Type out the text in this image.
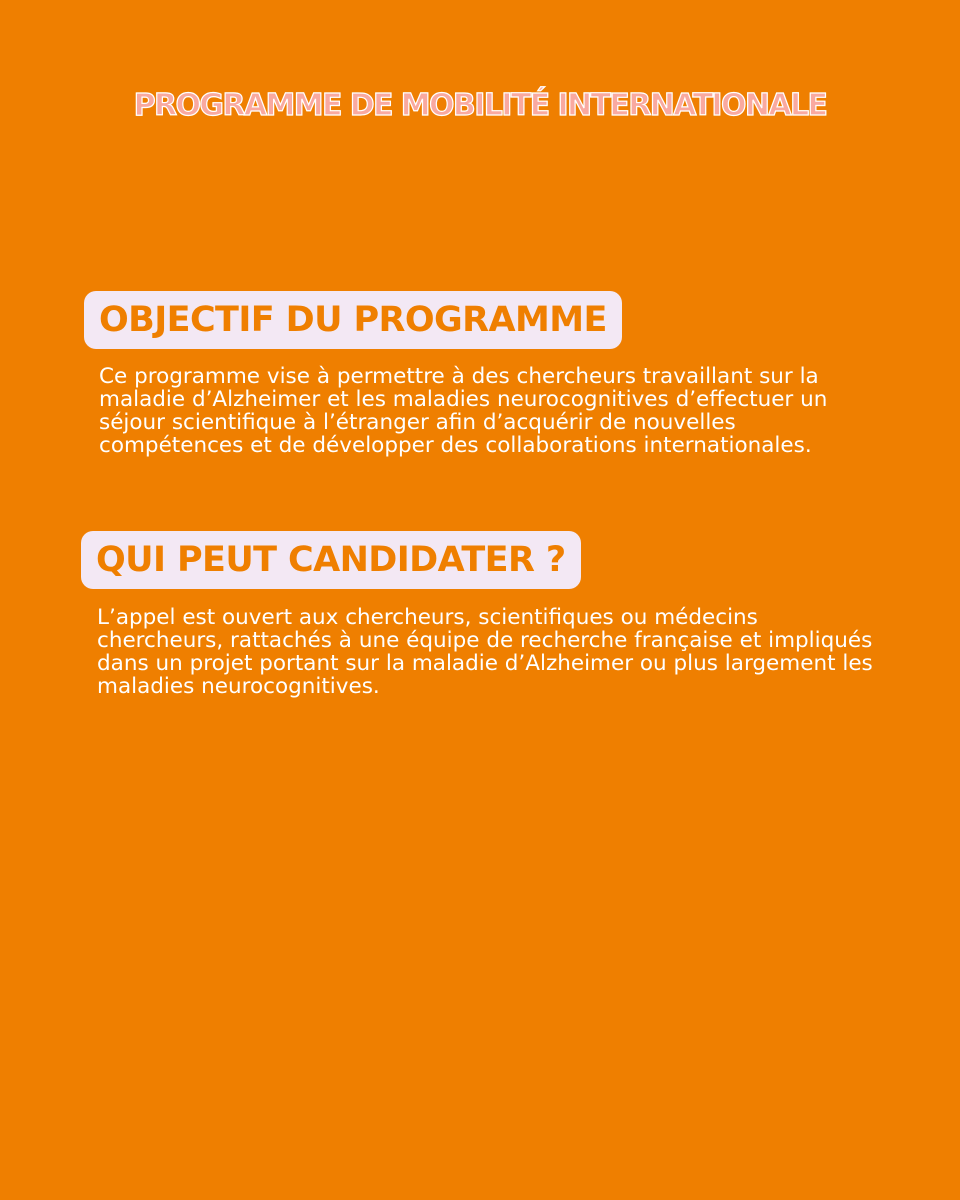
PROGRAMME DE MOBILITÉ INTERNATIONALE
OBJECTIF DU PROGRAMME

Ce programme vise à permettre à des chercheurs travaillant sur la maladie d’Alzheimer et les maladies neurocognitives d’effectuer un séjour scientifique à l’étranger afin d’acquérir de nouvelles compétences et de développer des collaborations internationales.

QUI PEUT CANDIDATER ?

L’appel est ouvert aux chercheurs, scientifiques ou médecins chercheurs, rattachés à une équipe de recherche française et impliqués dans un projet portant sur la maladie d’Alzheimer ou plus largement les maladies neurocognitives.
